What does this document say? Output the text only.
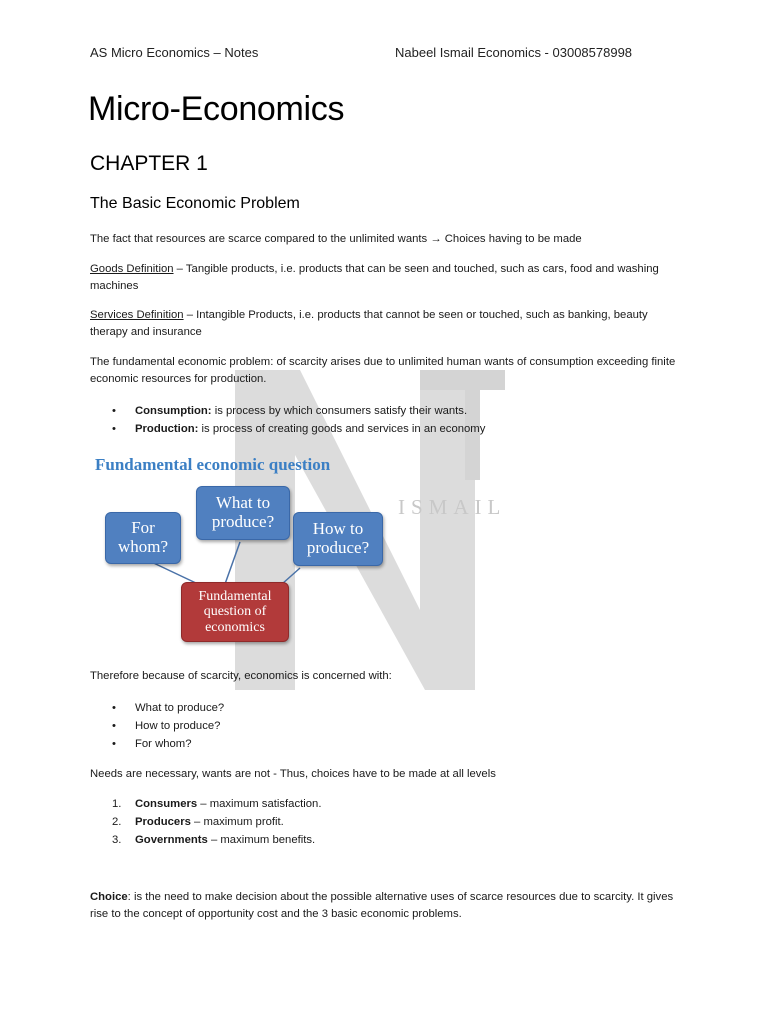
ISMAIL
AS Micro Economics – Notes	Nabeel Ismail Economics - 03008578998
Micro-Economics
CHAPTER 1
The Basic Economic Problem
The fact that resources are scarce compared to the unlimited wants → Choices having to be made
Goods Definition – Tangible products, i.e. products that can be seen and touched, such as cars, food and washing machines
Services Definition – Intangible Products, i.e. products that cannot be seen or touched, such as banking, beauty therapy and insurance
The fundamental economic problem: of scarcity arises due to unlimited human wants of consumption exceeding finite economic resources for production.
• Consumption: is process by which consumers satisfy their wants.
• Production: is process of creating goods and services in an economy
Fundamental economic question
For whom?
What to produce?	How to produce?
Fundamental question of economics
Therefore because of scarcity, economics is concerned with:
• What to produce?
• How to produce?
• For whom?
Needs are necessary, wants are not - Thus, choices have to be made at all levels
1. Consumers – maximum satisfaction.
2. Producers – maximum profit.
3. Governments – maximum benefits.
Choice: is the need to make decision about the possible alternative uses of scarce resources due to scarcity. It gives rise to the concept of opportunity cost and the 3 basic economic problems.
